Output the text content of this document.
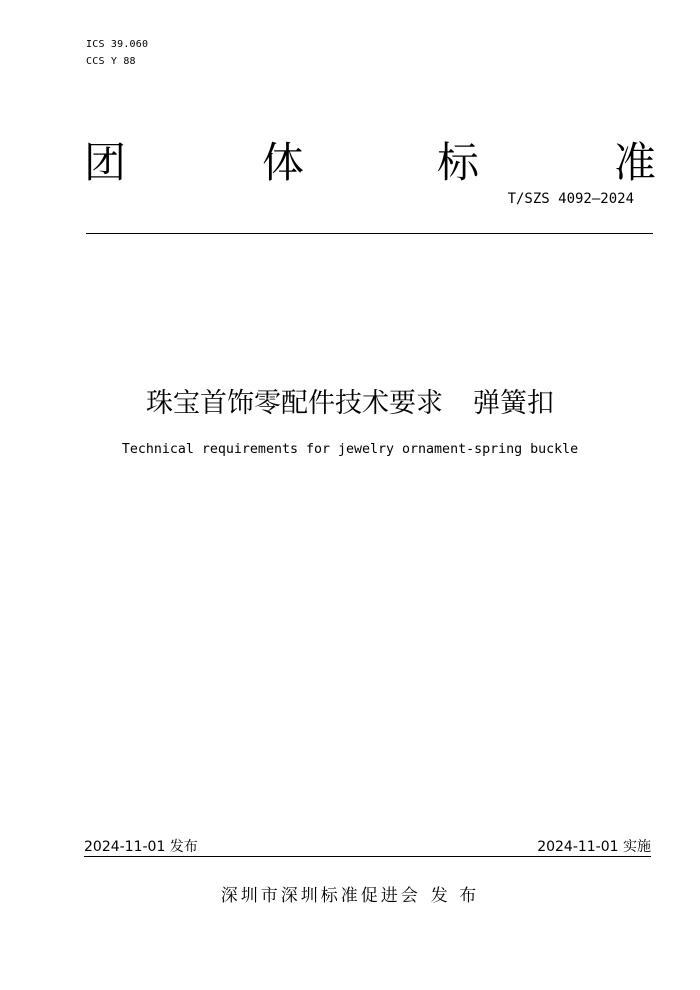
ICS 39.060
CCS Y 88
团	体	标	准
T/SZS 4092—2024
珠宝首饰零配件技术要求 弹簧扣
Technical requirements for jewelry ornament-spring buckle
2024-11-01 发布	2024-11-01 实施
深圳市深圳标准促进会 发 布
